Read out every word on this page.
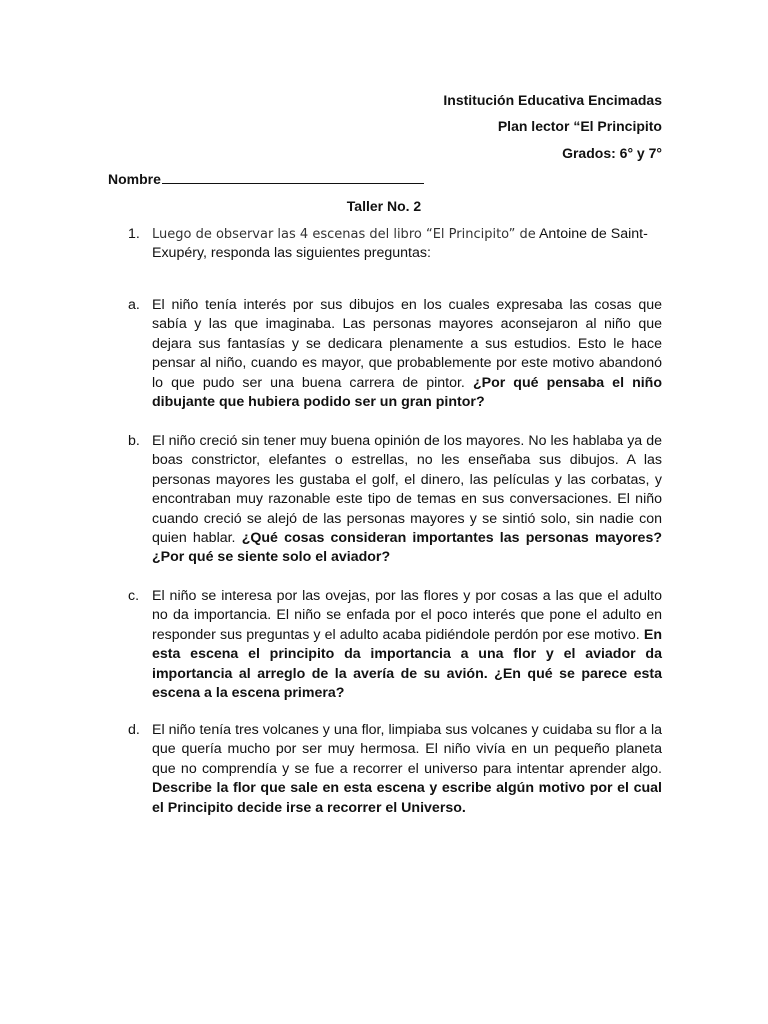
Institución Educativa Encimadas
Plan lector “El Principito
Grados: 6° y 7°
Nombre
Taller No. 2
1. Luego de observar las 4 escenas del libro “El Principito” de Antoine de Saint-Exupéry, responda las siguientes preguntas:
a. El niño tenía interés por sus dibujos en los cuales expresaba las cosas que sabía y las que imaginaba. Las personas mayores aconsejaron al niño que dejara sus fantasías y se dedicara plenamente a sus estudios. Esto le hace pensar al niño, cuando es mayor, que probablemente por este motivo abandonó lo que pudo ser una buena carrera de pintor. ¿Por qué pensaba el niño dibujante que hubiera podido ser un gran pintor?
b. El niño creció sin tener muy buena opinión de los mayores. No les hablaba ya de boas constrictor, elefantes o estrellas, no les enseñaba sus dibujos. A las personas mayores les gustaba el golf, el dinero, las películas y las corbatas, y encontraban muy razonable este tipo de temas en sus conversaciones. El niño cuando creció se alejó de las personas mayores y se sintió solo, sin nadie con quien hablar. ¿Qué cosas consideran importantes las personas mayores? ¿Por qué se siente solo el aviador?
c. El niño se interesa por las ovejas, por las flores y por cosas a las que el adulto no da importancia. El niño se enfada por el poco interés que pone el adulto en responder sus preguntas y el adulto acaba pidiéndole perdón por ese motivo. En esta escena el principito da importancia a una flor y el aviador da importancia al arreglo de la avería de su avión. ¿En qué se parece esta escena a la escena primera?
d. El niño tenía tres volcanes y una flor, limpiaba sus volcanes y cuidaba su flor a la que quería mucho por ser muy hermosa. El niño vivía en un pequeño planeta que no comprendía y se fue a recorrer el universo para intentar aprender algo. Describe la flor que sale en esta escena y escribe algún motivo por el cual el Principito decide irse a recorrer el Universo.
